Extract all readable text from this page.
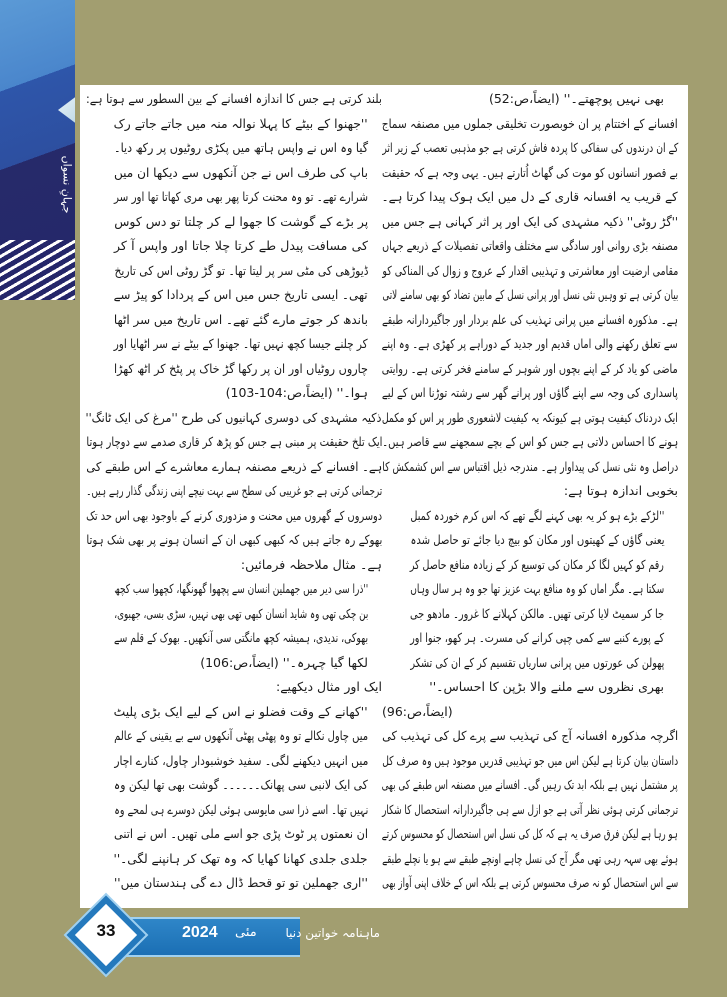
جہانِ نسواں
بھی نہیں پوچھتے۔'' (ایضاً،ص:52)
افسانے کے اختتام پر ان خوبصورت تخلیقی جملوں میں مصنفہ سماج
کے ان درندوں کی سفاکی کا پردہ فاش کرتی ہے جو مذہبی تعصب کے زیر اثر
بے قصور انسانوں کو موت کی گھاٹ اُتارتے ہیں۔ یہی وجہ ہے کہ حقیقت
کے قریب یہ افسانہ قاری کے دل میں ایک ہوک پیدا کرتا ہے۔
''گڑ روٹی'' ذکیہ مشہدی کی ایک اور پر اثر کہانی ہے جس میں
مصنفہ بڑی روانی اور سادگی سے مختلف واقعاتی تفصیلات کے ذریعے جہاں
مقامی ارضیت اور معاشرتی و تہذیبی اقدار کے عروج و زوال کی المناکی کو
بیان کرتی ہے تو وہیں نئی نسل اور پرانی نسل کے مابین تضاد کو بھی سامنے لاتی
ہے۔ مذکورہ افسانے میں پرانی تہذیب کی علم بردار اور جاگیردارانہ طبقے
سے تعلق رکھنے والی اماں قدیم اور جدید کے دوراہے پر کھڑی ہے۔ وہ اپنے
ماضی کو یاد کر کے اپنے بچوں اور شوہر کے سامنے فخر کرتی ہے۔ روایتی
پاسداری کی وجہ سے اپنے گاؤں اور پرانے گھر سے رشتہ توڑنا اس کے لیے
ایک دردناک کیفیت ہوتی ہے کیونکہ یہ کیفیت لاشعوری طور پر اس کو مکمل
ہونے کا احساس دلاتی ہے جس کو اس کے بچے سمجھنے سے قاصر ہیں۔
دراصل وہ نئی نسل کی پیداوار ہے۔ مندرجہ ذیل اقتباس سے اس کشمکش کا
بخوبی اندازہ ہوتا ہے:
''لڑکے بڑے ہو کر یہ بھی کہنے لگے تھے کہ اس کرم خوردہ کمبل
یعنی گاؤں کے کھیتوں اور مکان کو بیچ دیا جائے تو حاصل شدہ
رقم کو کہیں لگا کر مکان کی توسیع کر کے زیادہ منافع حاصل کر
سکتا ہے۔ مگر اماں کو وہ منافع بہت عزیز تھا جو وہ ہر سال وہاں
جا کر سمیٹ لایا کرتی تھیں۔ مالکن کہلانے کا غرور۔ مادھو جی
کے پورے کنبے سے کمی چپی کرانے کی مسرت۔ ہر کھو، جنوا اور
پھولن کی عورتوں میں پرانی ساریاں تقسیم کر کے ان کی تشکر
بھری نظروں سے ملنے والا بڑپن کا احساس۔''
(ایضاً،ص:96)
اگرچہ مذکورہ افسانہ آج کی تہذیب سے پرے کل کی تہذیب کی
داستان بیان کرتا ہے لیکن اس میں جو تہذیبی قدریں موجود ہیں وہ صرف کل
پر مشتمل نہیں ہے بلکہ ابد تک رہیں گی۔ افسانے میں مصنفہ اس طبقے کی بھی
ترجمانی کرتی ہوئی نظر آتی ہے جو ازل سے ہی جاگیردارانہ استحصال کا شکار
ہو رہا ہے لیکن فرق صرف یہ ہے کہ کل کی نسل اس استحصال کو محسوس کرتے
ہوئے بھی سہہ رہی تھی مگر آج کی نسل چاہے اونچے طبقے سے ہو یا نچلے طبقے
سے اس استحصال کو نہ صرف محسوس کرتی ہے بلکہ اس کے خلاف اپنی آواز بھی
بلند کرتی ہے جس کا اندازہ افسانے کے بین السطور سے ہوتا ہے:
''جھنوا کے بیٹے کا پہلا نوالہ منہ میں جاتے جاتے رک
گیا وہ اس نے واپس ہاتھ میں پکڑی روٹیوں پر رکھ دیا۔
باپ کی طرف اس نے جن آنکھوں سے دیکھا ان میں
شرارے تھے۔ تو وہ محنت کرتا پھر بھی مری کھاتا تھا اور سر
پر بڑے کے گوشت کا جھوا لے کر چلتا تو دس کوس
کی مسافت پیدل طے کرتا چلا جاتا اور واپس آ کر
ڈیوڑھی کی مٹی سر پر لیتا تھا۔ تو گڑ روٹی اس کی تاریخ
تھی۔ ایسی تاریخ جس میں اس کے پردادا کو پیڑ سے
باندھ کر جوتے مارے گئے تھے۔ اس تاریخ میں سر اٹھا
کر چلنے جیسا کچھ نہیں تھا۔ جھنوا کے بیٹے نے سر اٹھایا اور
چاروں روٹیاں اور ان پر رکھا گڑ خاک پر پٹخ کر اٹھ کھڑا
ہوا۔'' (ایضاً،ص:104-103)
ذکیہ مشہدی کی دوسری کہانیوں کی طرح ''مرغ کی ایک ٹانگ''
ایک تلخ حقیقت پر مبنی ہے جس کو پڑھ کر قاری صدمے سے دوچار ہوتا
ہے۔ افسانے کے ذریعے مصنفہ ہمارے معاشرے کے اس طبقے کی
ترجمانی کرتی ہے جو غریبی کی سطح سے بہت نیچے اپنی زندگی گذار رہے ہیں۔
دوسروں کے گھروں میں محنت و مزدوری کرنے کے باوجود بھی اس حد تک
بھوکے رہ جاتے ہیں کہ کبھی کبھی ان کے انسان ہونے پر بھی شک ہوتا
ہے۔ مثال ملاحظہ فرمائیں:
''ذرا سی دیر میں جھملین انسان سے پچھوا گھونگھا، کچھوا سب کچھ
بن چکی تھی وہ شاید انسان کبھی تھی بھی نہیں، سڑی بسی، جھبوی،
بھوکی، ندیدی، ہمیشہ کچھ مانگتی سی آنکھیں۔ بھوک کے قلم سے
لکھا گیا چہرہ۔'' (ایضاً،ص:106)
ایک اور مثال دیکھیے:
''کھانے کے وقت فضلو نے اس کے لیے ایک بڑی پلیٹ
میں چاول نکالے تو وہ پھٹی پھٹی آنکھوں سے بے یقینی کے عالم
میں انہیں دیکھنے لگی۔ سفید خوشبودار چاول، کنارے اچار
کی ایک لانبی سی پھانک۔۔۔۔۔۔ گوشت بھی تھا لیکن وہ
نہیں تھا۔ اسے ذرا سی مایوسی ہوئی لیکن دوسرے ہی لمحے وہ
ان نعمتوں پر ٹوٹ پڑی جو اسے ملی تھیں۔ اس نے اتنی
جلدی جلدی کھانا کھایا کہ وہ تھک کر ہانپنے لگی۔''
''اری جھملین تو تو قحط ڈال دے گی ہندستان میں''
33	2024 مئی	ماہنامہ خواتین دنیا
